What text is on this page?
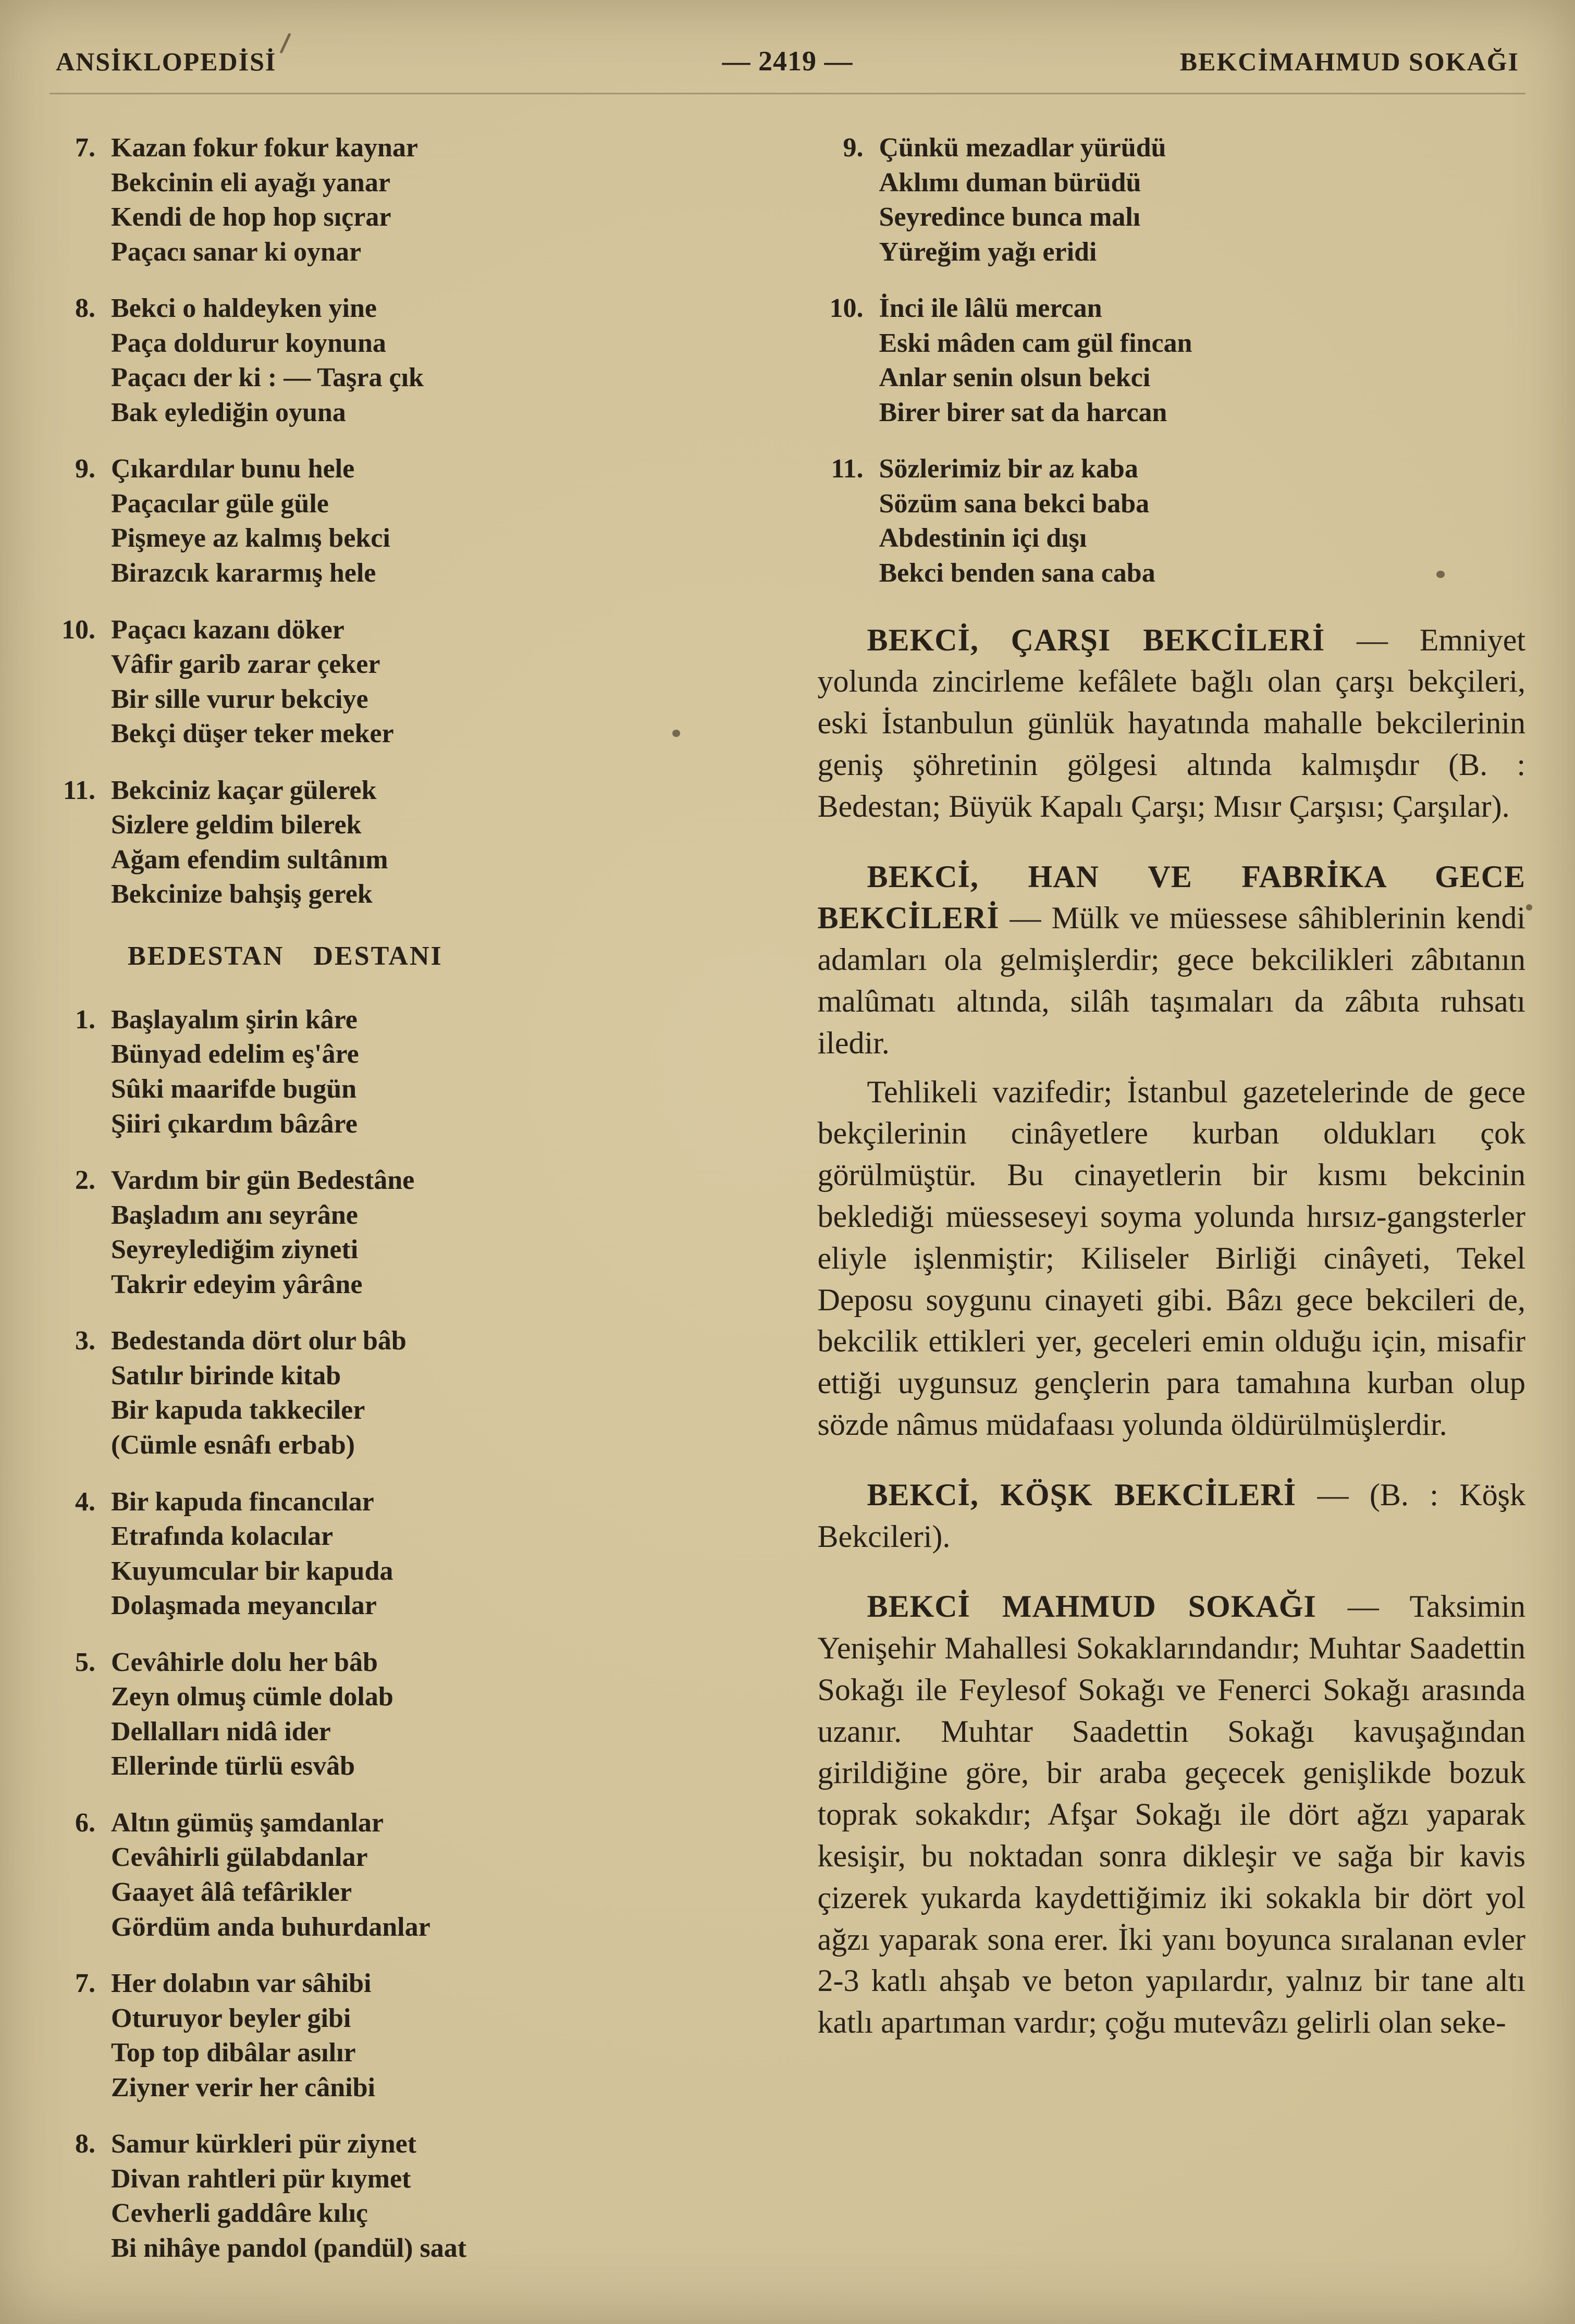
ANSİKLOPEDİSİ	— 2419 —	BEKCİMAHMUD SOKAĞI
7. Kazan fokur fokur kaynar
Bekcinin eli ayağı yanar
Kendi de hop hop sıçrar
Paçacı sanar ki oynar
8. Bekci o haldeyken yine
Paça doldurur koynuna
Paçacı der ki : — Taşra çık
Bak eylediğin oyuna
9. Çıkardılar bunu hele
Paçacılar güle güle
Pişmeye az kalmış bekci
Birazcık kararmış hele
10. Paçacı kazanı döker
Vâfir garib zarar çeker
Bir sille vurur bekciye
Bekçi düşer teker meker
11. Bekciniz kaçar gülerek
Sizlere geldim bilerek
Ağam efendim sultânım
Bekcinize bahşiş gerek
BEDESTAN DESTANI
1. Başlayalım şirin kâre
Bünyad edelim eş'âre
Sûki maarifde bugün
Şiiri çıkardım bâzâre
2. Vardım bir gün Bedestâne
Başladım anı seyrâne
Seyreylediğim ziyneti
Takrir edeyim yârâne
3. Bedestanda dört olur bâb
Satılır birinde kitab
Bir kapuda takkeciler
(Cümle esnâfı erbab)
4. Bir kapuda fincancılar
Etrafında kolacılar
Kuyumcular bir kapuda
Dolaşmada meyancılar
5. Cevâhirle dolu her bâb
Zeyn olmuş cümle dolab
Dellalları nidâ ider
Ellerinde türlü esvâb
6. Altın gümüş şamdanlar
Cevâhirli gülabdanlar
Gaayet âlâ tefârikler
Gördüm anda buhurdanlar
7. Her dolabın var sâhibi
Oturuyor beyler gibi
Top top dibâlar asılır
Ziyner verir her cânibi
8. Samur kürkleri pür ziynet
Divan rahtleri pür kıymet
Cevherli gaddâre kılıç
Bi nihâye pandol (pandül) saat
9. Çünkü mezadlar yürüdü
Aklımı duman bürüdü
Seyredince bunca malı
Yüreğim yağı eridi
10. İnci ile lâlü mercan
Eski mâden cam gül fincan
Anlar senin olsun bekci
Birer birer sat da harcan
11. Sözlerimiz bir az kaba
Sözüm sana bekci baba
Abdestinin içi dışı
Bekci benden sana caba

BEKCİ, ÇARŞI BEKCİLERİ — Emniyet yolunda zincirleme kefâlete bağlı olan çarşı bekçileri, eski İstanbulun günlük hayatında mahalle bekcilerinin geniş şöhretinin gölgesi altında kalmışdır (B. : Bedestan; Büyük Kapalı Çarşı; Mısır Çarşısı; Çarşılar).

BEKCİ, HAN VE FABRİKA GECE BEKCİLERİ — Mülk ve müessese sâhiblerinin kendi adamları ola gelmişlerdir; gece bekcilikleri zâbıtanın malûmatı altında, silâh taşımaları da zâbıta ruhsatı iledir.

Tehlikeli vazifedir; İstanbul gazetelerinde de gece bekçilerinin cinâyetlere kurban oldukları çok görülmüştür. Bu cinayetlerin bir kısmı bekcinin beklediği müesseseyi soyma yolunda hırsız-gangsterler eliyle işlenmiştir; Kiliseler Birliği cinâyeti, Tekel Deposu soygunu cinayeti gibi. Bâzı gece bekcileri de, bekcilik ettikleri yer, geceleri emin olduğu için, misafir ettiği uygunsuz gençlerin para tamahına kurban olup sözde nâmus müdafaası yolunda öldürülmüşlerdir.

BEKCİ, KÖŞK BEKCİLERİ — (B. : Köşk Bekcileri).

BEKCİ MAHMUD SOKAĞI — Taksimin Yenişehir Mahallesi Sokaklarındandır; Muhtar Saadettin Sokağı ile Feylesof Sokağı ve Fenerci Sokağı arasında uzanır. Muhtar Saadettin Sokağı kavuşağından girildiğine göre, bir araba geçecek genişlikde bozuk toprak sokakdır; Afşar Sokağı ile dört ağzı yaparak kesişir, bu noktadan sonra dikleşir ve sağa bir kavis çizerek yukarda kaydettiğimiz iki sokakla bir dört yol ağzı yaparak sona erer. İki yanı boyunca sıralanan evler 2-3 katlı ahşab ve beton yapılardır, yalnız bir tane altı katlı apartıman vardır; çoğu mutevâzı gelirli olan seke-
